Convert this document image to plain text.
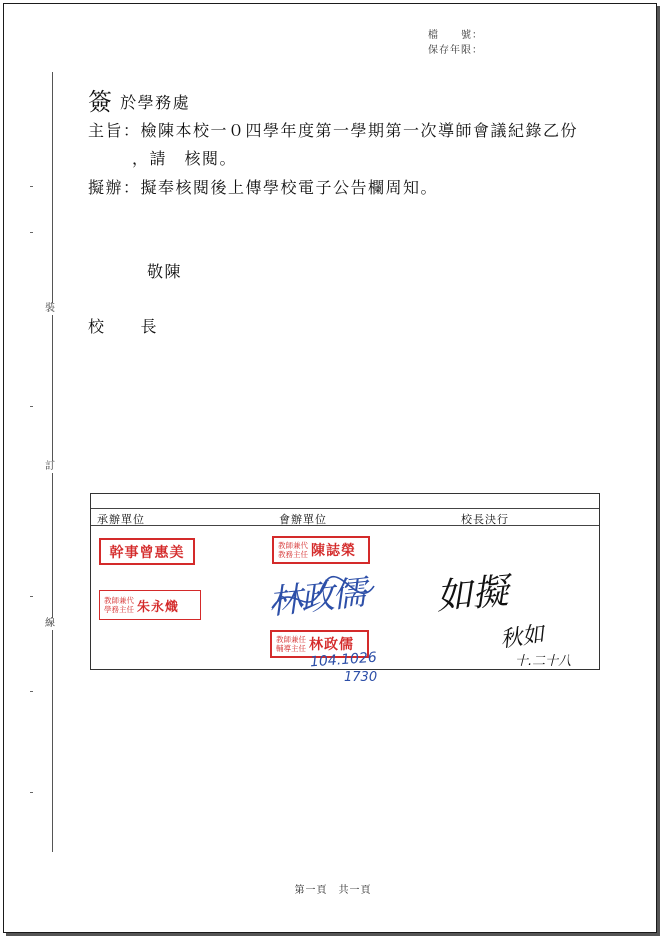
檔　　號：
保存年限：
裝
訂
線
簽 於學務處
主旨：檢陳本校一０四學年度第一學期第一次導師會議紀錄乙份
，請　核閱。
擬辦：擬奉核閱後上傳學校電子公告欄周知。
敬陳
校　　長
承辦單位	會辦單位	校長決行
幹事曾惠美
教師兼代
學務主任 朱永熾
教師兼代
教務主任 陳誌榮
教師兼任
輔導主任 林政儒
林政儒
104.1026
1730
如擬
秋如
十.二十八
第一頁　共一頁
